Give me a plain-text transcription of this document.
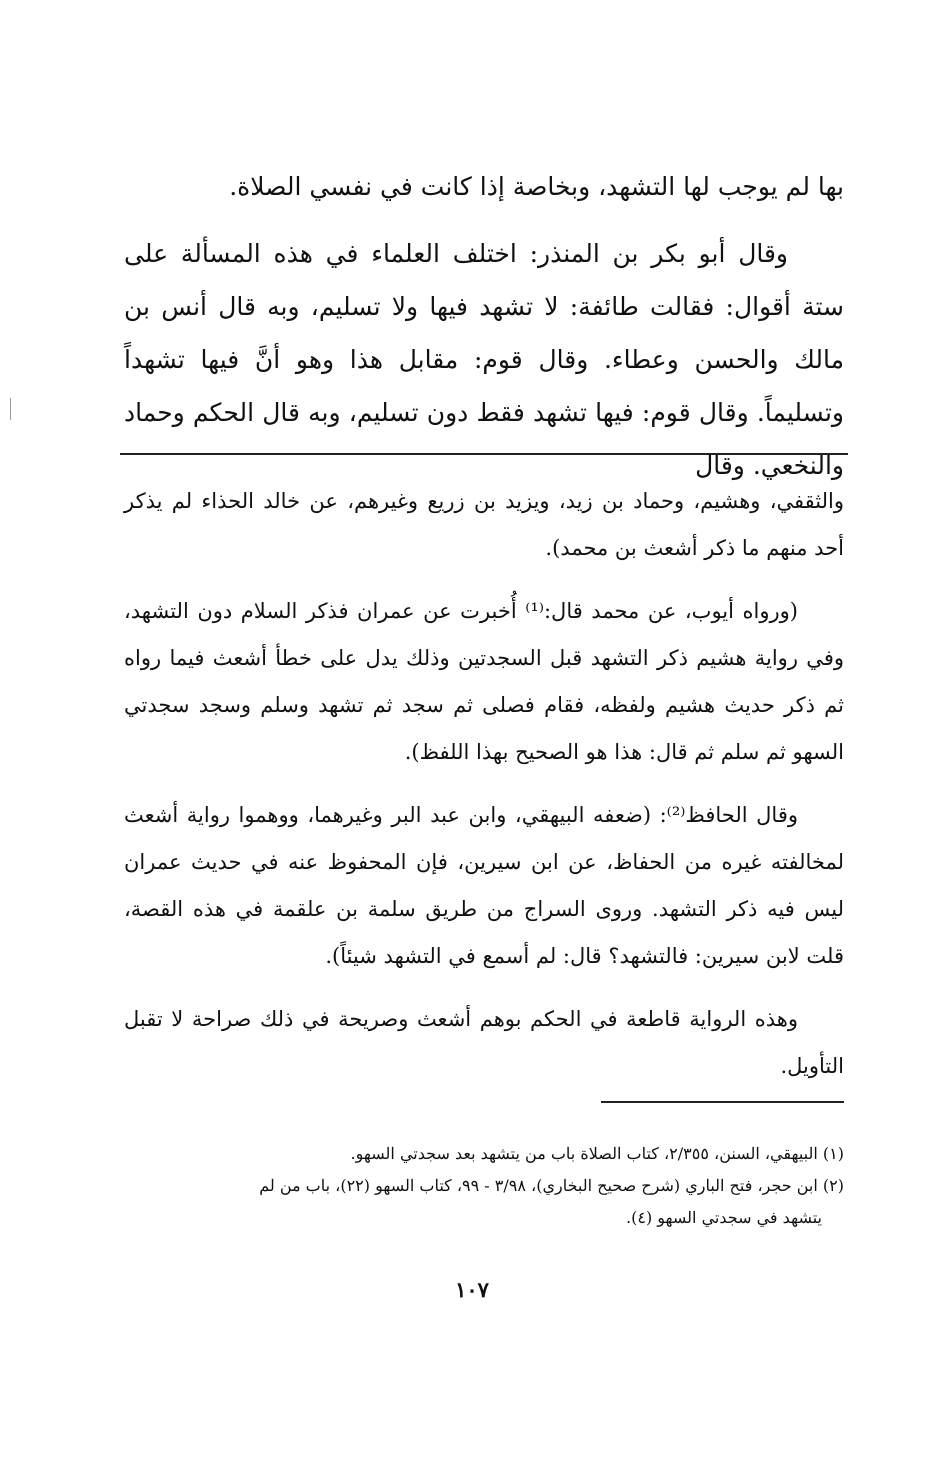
بها لم يوجب لها التشهد، وبخاصة إذا كانت في نفسي الصلاة.

وقال أبو بكر بن المنذر: اختلف العلماء في هذه المسألة على ستة أقوال: فقالت طائفة: لا تشهد فيها ولا تسليم، وبه قال أنس بن مالك والحسن وعطاء. وقال قوم: مقابل هذا وهو أنَّ فيها تشهداً وتسليماً. وقال قوم: فيها تشهد فقط دون تسليم، وبه قال الحكم وحماد والنخعي. وقال

والثقفي، وهشيم، وحماد بن زيد، ويزيد بن زريع وغيرهم، عن خالد الحذاء لم يذكر أحد منهم ما ذكر أشعث بن محمد).

(ورواه أيوب، عن محمد قال:⁽¹⁾ أُخبرت عن عمران فذكر السلام دون التشهد، وفي رواية هشيم ذكر التشهد قبل السجدتين وذلك يدل على خطأ أشعث فيما رواه ثم ذكر حديث هشيم ولفظه، فقام فصلى ثم سجد ثم تشهد وسلم وسجد سجدتي السهو ثم سلم ثم قال: هذا هو الصحيح بهذا اللفظ).

وقال الحافظ⁽²⁾: (ضعفه البيهقي، وابن عبد البر وغيرهما، ووهموا رواية أشعث لمخالفته غيره من الحفاظ، عن ابن سيرين، فإن المحفوظ عنه في حديث عمران ليس فيه ذكر التشهد. وروى السراج من طريق سلمة بن علقمة في هذه القصة، قلت لابن سيرين: فالتشهد؟ قال: لم أسمع في التشهد شيئاً).

وهذه الرواية قاطعة في الحكم بوهم أشعث وصريحة في ذلك صراحة لا تقبل التأويل.

(١) البيهقي، السنن، ٢/٣٥٥، كتاب الصلاة باب من يتشهد بعد سجدتي السهو.

(٢) ابن حجر، فتح الباري (شرح صحيح البخاري)، ٣/٩٨ - ٩٩، كتاب السهو (٢٢)، باب من لم

يتشهد في سجدتي السهو (٤).

١٠٧
